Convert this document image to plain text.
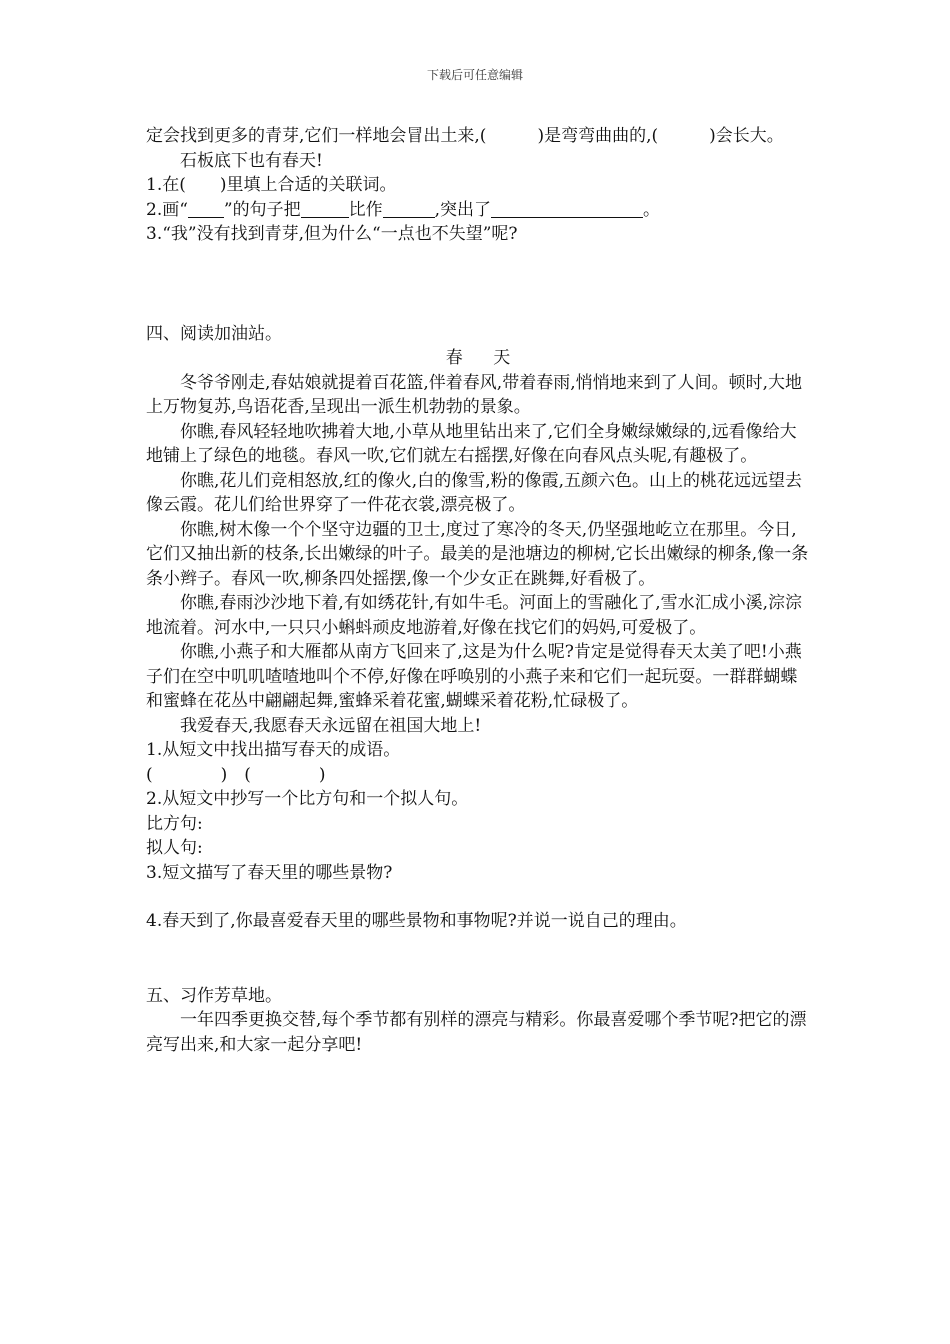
下载后可任意编辑

定会找到更多的青芽,它们一样地会冒出土来,(　　　)是弯弯曲曲的,(　　　)会长大。

石板底下也有春天!

1.在(　　)里填上合适的关联词。

2.画“ ”的句子把	比作	,突出了	。

3.“我”没有找到青芽,但为什么“一点也不失望”呢?

四、阅读加油站。

春天

冬爷爷刚走,春姑娘就提着百花篮,伴着春风,带着春雨,悄悄地来到了人间。顿时,大地上万物复苏,鸟语花香,呈现出一派生机勃勃的景象。

你瞧,春风轻轻地吹拂着大地,小草从地里钻出来了,它们全身嫩绿嫩绿的,远看像给大地铺上了绿色的地毯。春风一吹,它们就左右摇摆,好像在向春风点头呢,有趣极了。

你瞧,花儿们竞相怒放,红的像火,白的像雪,粉的像霞,五颜六色。山上的桃花远远望去像云霞。花儿们给世界穿了一件花衣裳,漂亮极了。

你瞧,树木像一个个坚守边疆的卫士,度过了寒冷的冬天,仍坚强地屹立在那里。今日,它们又抽出新的枝条,长出嫩绿的叶子。最美的是池塘边的柳树,它长出嫩绿的柳条,像一条条小辫子。春风一吹,柳条四处摇摆,像一个少女正在跳舞,好看极了。

你瞧,春雨沙沙地下着,有如绣花针,有如牛毛。河面上的雪融化了,雪水汇成小溪,淙淙地流着。河水中,一只只小蝌蚪顽皮地游着,好像在找它们的妈妈,可爱极了。

你瞧,小燕子和大雁都从南方飞回来了,这是为什么呢?肯定是觉得春天太美了吧!小燕子们在空中叽叽喳喳地叫个不停,好像在呼唤别的小燕子来和它们一起玩耍。一群群蝴蝶和蜜蜂在花丛中翩翩起舞,蜜蜂采着花蜜,蝴蝶采着花粉,忙碌极了。

我爱春天,我愿春天永远留在祖国大地上!

1.从短文中找出描写春天的成语。

(　　　　)　(　　　　)

2.从短文中抄写一个比方句和一个拟人句。

比方句:

拟人句:

3.短文描写了春天里的哪些景物?

4.春天到了,你最喜爱春天里的哪些景物和事物呢?并说一说自己的理由。

五、习作芳草地。

一年四季更换交替,每个季节都有别样的漂亮与精彩。你最喜爱哪个季节呢?把它的漂亮写出来,和大家一起分享吧!
